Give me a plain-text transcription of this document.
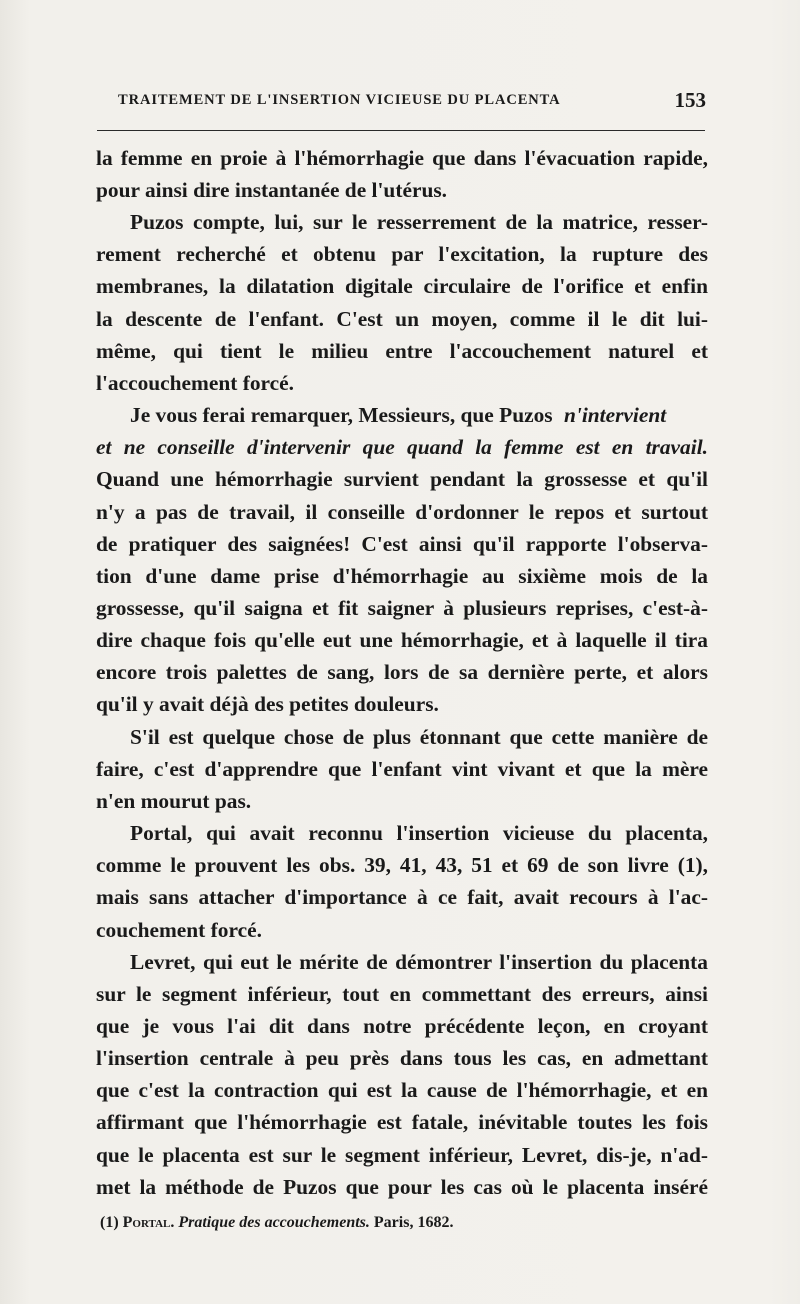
TRAITEMENT DE L'INSERTION VICIEUSE DU PLACENTA	153
la femme en proie à l'hémorrhagie que dans l'évacuation rapide,
pour ainsi dire instantanée de l'utérus.
Puzos compte, lui, sur le resserrement de la matrice, resser-
rement recherché et obtenu par l'excitation, la rupture des
membranes, la dilatation digitale circulaire de l'orifice et enfin
la descente de l'enfant. C'est un moyen, comme il le dit lui-
même, qui tient le milieu entre l'accouchement naturel et
l'accouchement forcé.
Je vous ferai remarquer, Messieurs, que Puzos n'intervient
et ne conseille d'intervenir que quand la femme est en travail.
Quand une hémorrhagie survient pendant la grossesse et qu'il
n'y a pas de travail, il conseille d'ordonner le repos et surtout
de pratiquer des saignées! C'est ainsi qu'il rapporte l'observa-
tion d'une dame prise d'hémorrhagie au sixième mois de la
grossesse, qu'il saigna et fit saigner à plusieurs reprises, c'est-à-
dire chaque fois qu'elle eut une hémorrhagie, et à laquelle il tira
encore trois palettes de sang, lors de sa dernière perte, et alors
qu'il y avait déjà des petites douleurs.
S'il est quelque chose de plus étonnant que cette manière de
faire, c'est d'apprendre que l'enfant vint vivant et que la mère
n'en mourut pas.
Portal, qui avait reconnu l'insertion vicieuse du placenta,
comme le prouvent les obs. 39, 41, 43, 51 et 69 de son livre (1),
mais sans attacher d'importance à ce fait, avait recours à l'ac-
couchement forcé.
Levret, qui eut le mérite de démontrer l'insertion du placenta
sur le segment inférieur, tout en commettant des erreurs, ainsi
que je vous l'ai dit dans notre précédente leçon, en croyant
l'insertion centrale à peu près dans tous les cas, en admettant
que c'est la contraction qui est la cause de l'hémorrhagie, et en
affirmant que l'hémorrhagie est fatale, inévitable toutes les fois
que le placenta est sur le segment inférieur, Levret, dis-je, n'ad-
met la méthode de Puzos que pour les cas où le placenta inséré
(1) Portal. Pratique des accouchements. Paris, 1682.
